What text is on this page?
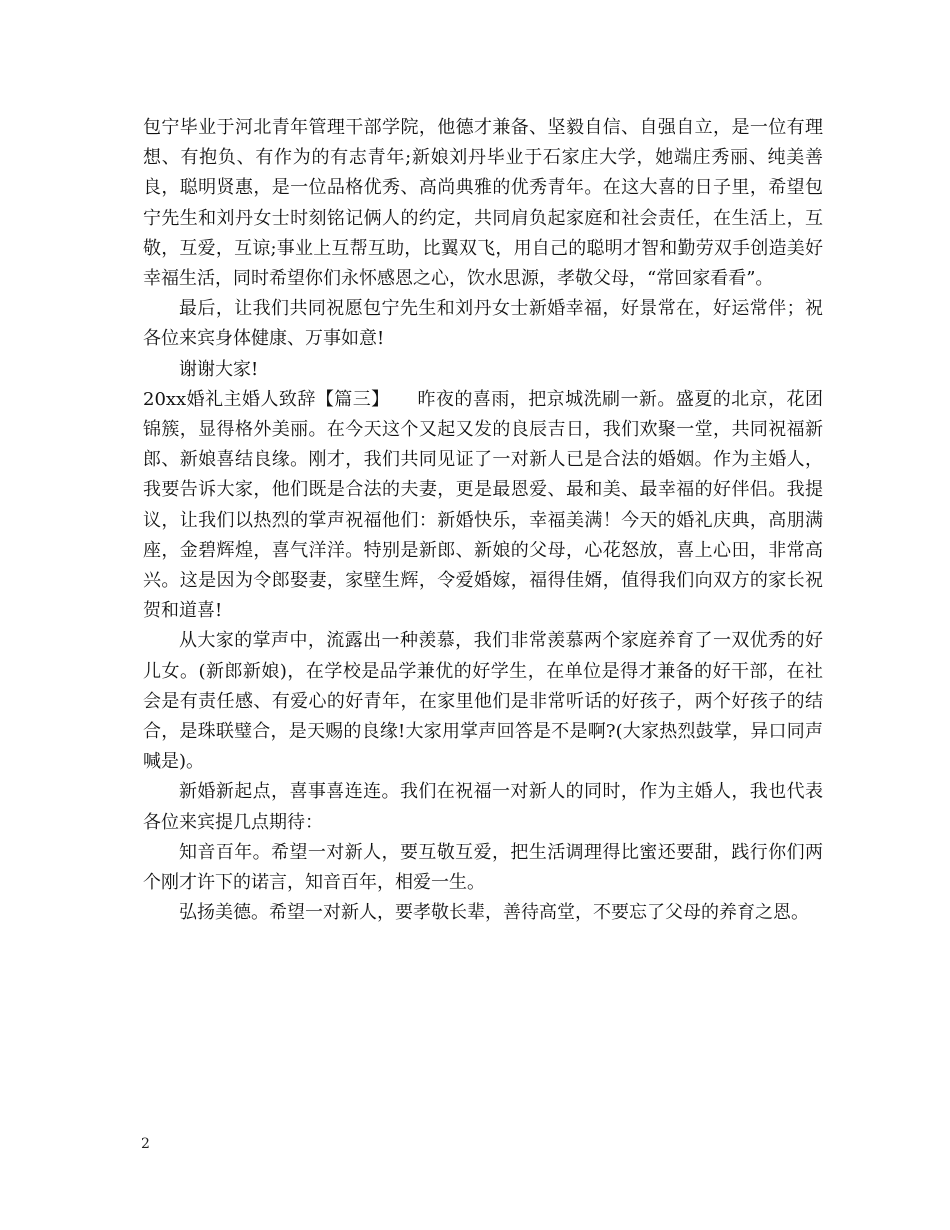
包宁毕业于河北青年管理干部学院，他德才兼备、坚毅自信、自强自立，是一位有理想、有抱负、有作为的有志青年;新娘刘丹毕业于石家庄大学，她端庄秀丽、纯美善良，聪明贤惠，是一位品格优秀、高尚典雅的优秀青年。在这大喜的日子里，希望包宁先生和刘丹女士时刻铭记俩人的约定，共同肩负起家庭和社会责任，在生活上，互敬，互爱，互谅;事业上互帮互助，比翼双飞，用自己的聪明才智和勤劳双手创造美好幸福生活，同时希望你们永怀感恩之心，饮水思源，孝敬父母，“常回家看看”。

最后，让我们共同祝愿包宁先生和刘丹女士新婚幸福，好景常在，好运常伴；祝各位来宾身体健康、万事如意!

谢谢大家!

20xx婚礼主婚人致辞【篇三】　　昨夜的喜雨，把京城洗刷一新。盛夏的北京，花团锦簇，显得格外美丽。在今天这个又起又发的良辰吉日，我们欢聚一堂，共同祝福新郎、新娘喜结良缘。刚才，我们共同见证了一对新人已是合法的婚姻。作为主婚人，我要告诉大家，他们既是合法的夫妻，更是最恩爱、最和美、最幸福的好伴侣。我提议，让我们以热烈的掌声祝福他们：新婚快乐，幸福美满！今天的婚礼庆典，高朋满座，金碧辉煌，喜气洋洋。特别是新郎、新娘的父母，心花怒放，喜上心田，非常高兴。这是因为令郎娶妻，家壁生辉，令爱婚嫁，福得佳婿，值得我们向双方的家长祝贺和道喜!

从大家的掌声中，流露出一种羡慕，我们非常羡慕两个家庭养育了一双优秀的好儿女。(新郎新娘)，在学校是品学兼优的好学生，在单位是得才兼备的好干部，在社会是有责任感、有爱心的好青年，在家里他们是非常听话的好孩子，两个好孩子的结合，是珠联璧合，是天赐的良缘!大家用掌声回答是不是啊?(大家热烈鼓掌，异口同声喊是)。

新婚新起点，喜事喜连连。我们在祝福一对新人的同时，作为主婚人，我也代表各位来宾提几点期待：

知音百年。希望一对新人，要互敬互爱，把生活调理得比蜜还要甜，践行你们两个刚才许下的诺言，知音百年，相爱一生。

弘扬美德。希望一对新人，要孝敬长辈，善待高堂，不要忘了父母的养育之恩。

2
